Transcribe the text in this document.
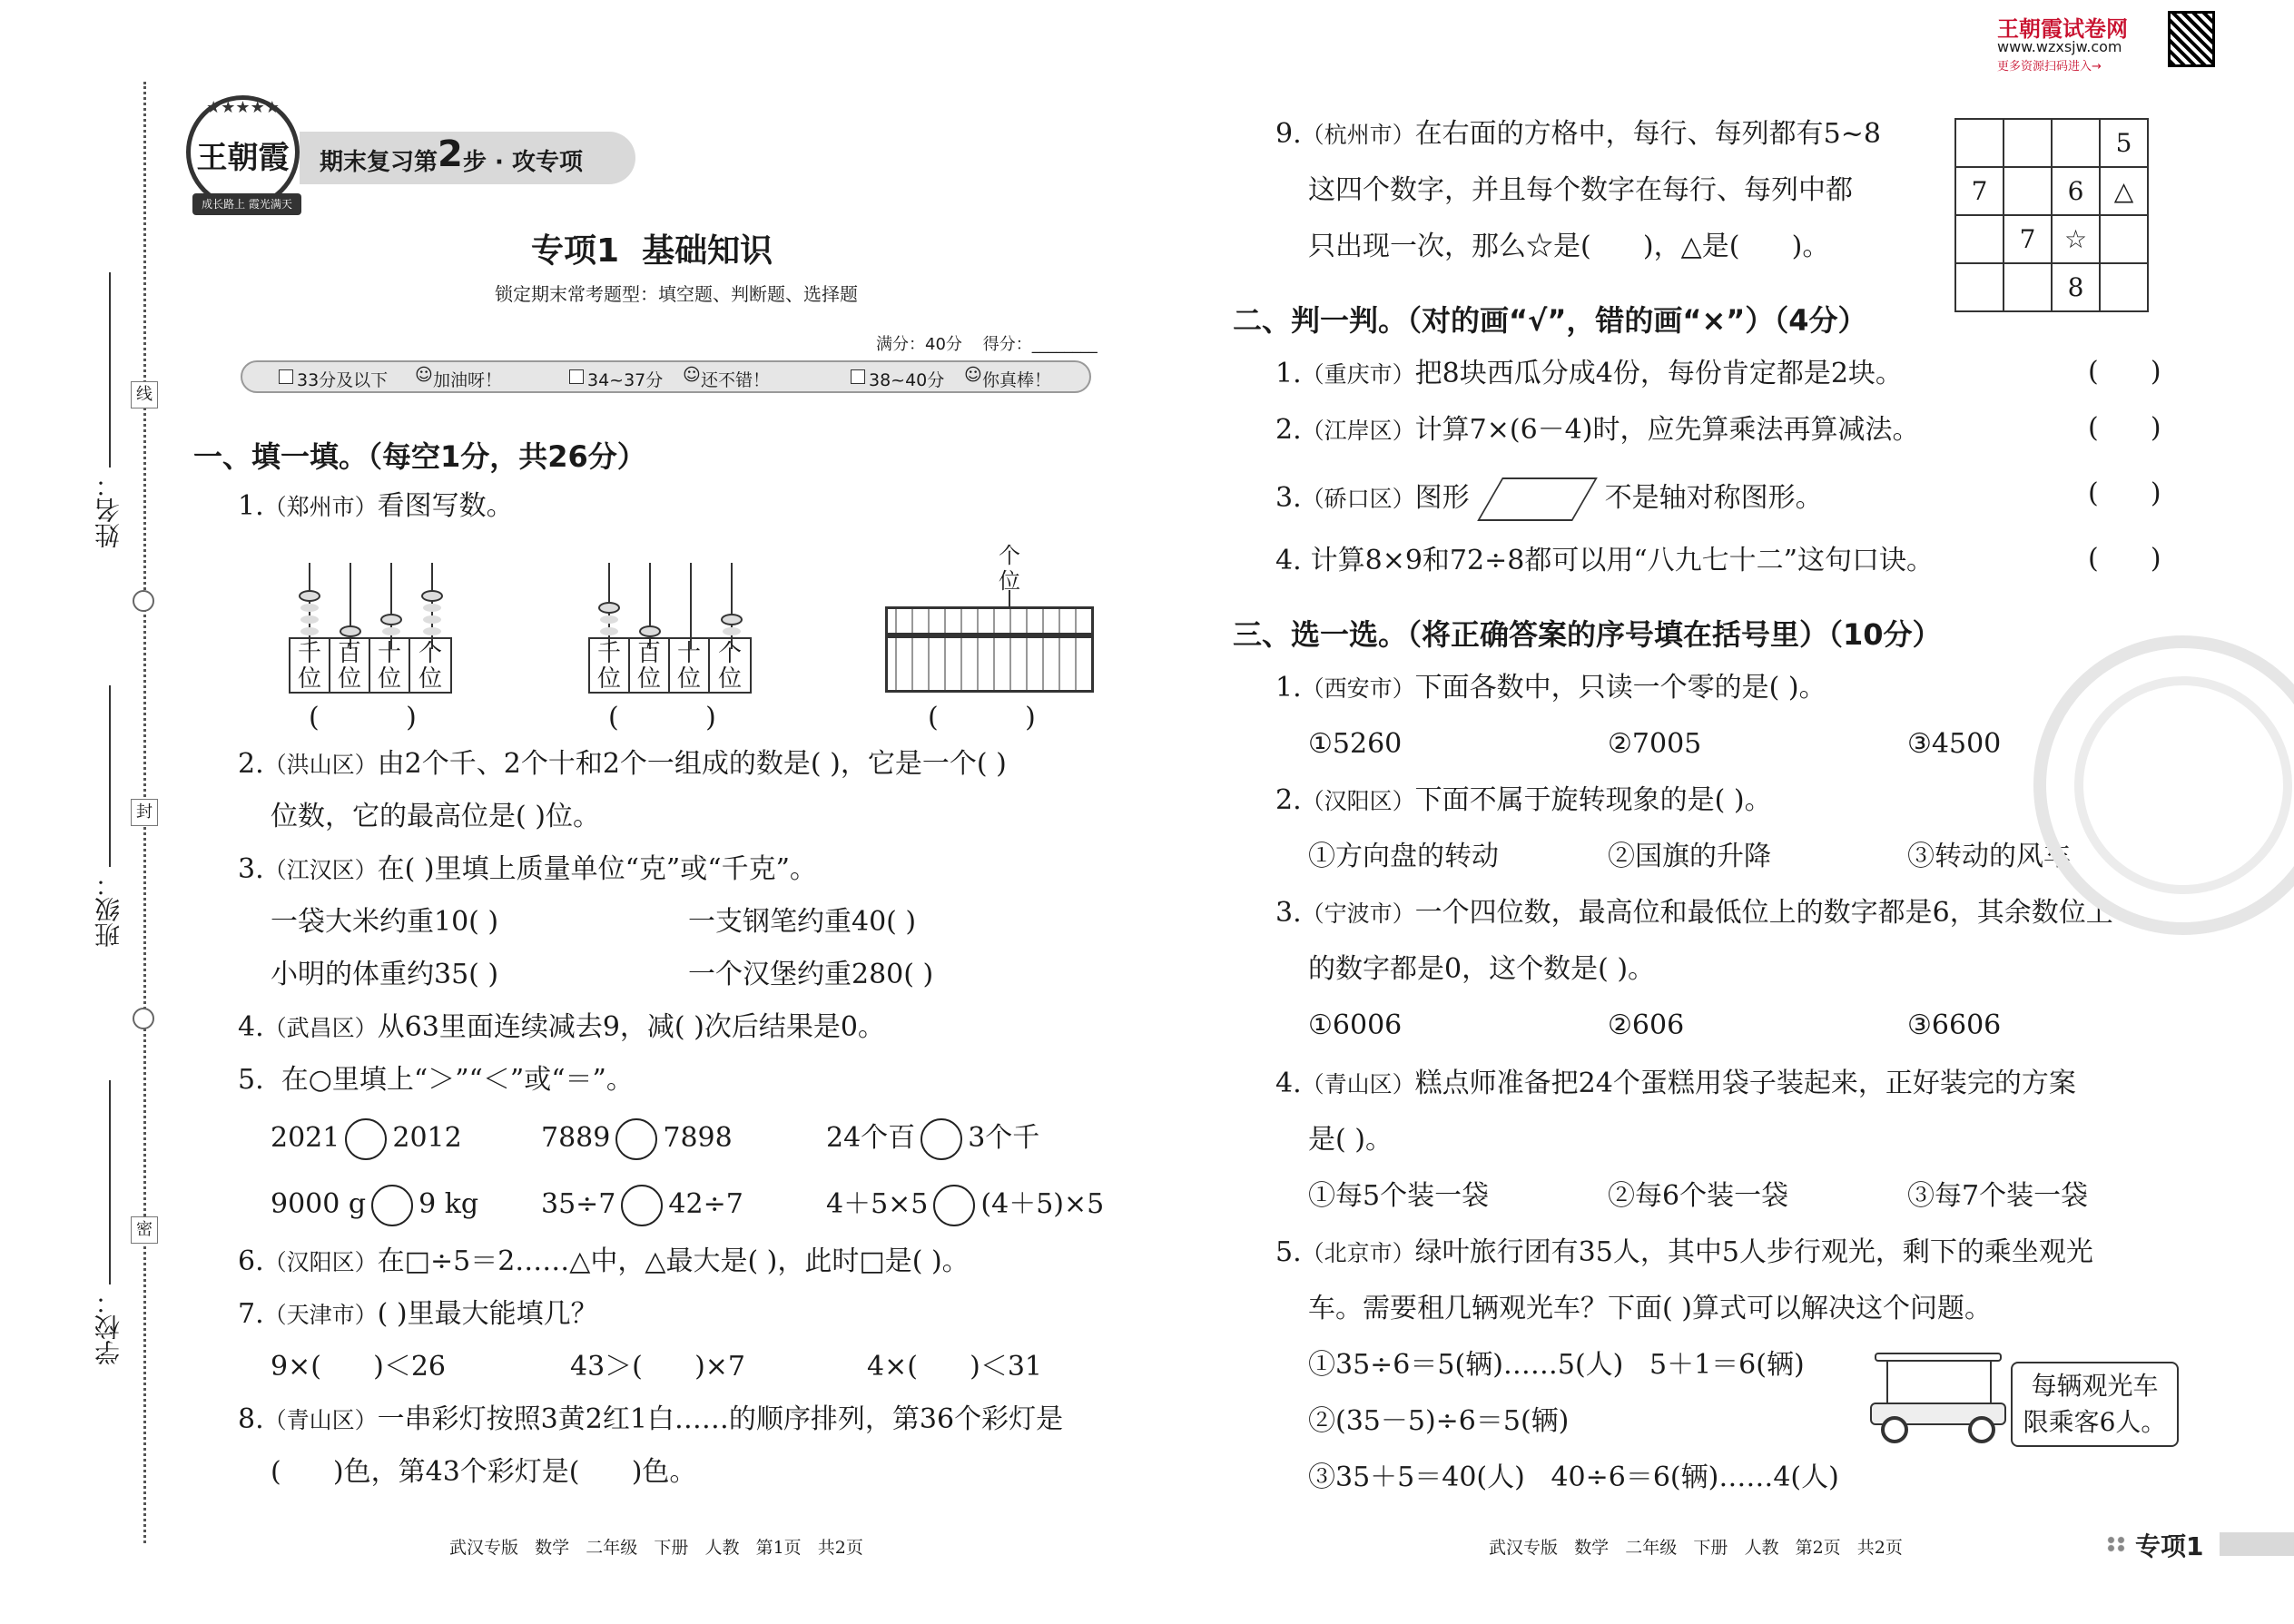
线
封
密
姓名：
班级：
学校：
★★★★★
王朝霞
成长路上 霞光满天
期末复习第 2 步 · 攻专项
专项1  基础知识
锁定期末常考题型：填空题、判断题、选择题
满分：40分    得分：________
33分及以下 ☺ 加油呀！	34~37分 ☺ 还不错！	38~40分 ☺ 你真棒！
一、填一填。（每空1分，共26分）
1.（郑州市）看图写数。
千位
百位
十位
个位
(          )
千位
百位
十位
个位
(          )
个位
(          )
2.（洪山区）由2个千、2个十和2个一组成的数是( )，它是一个( )
位数，它的最高位是( )位。
3.（江汉区）在( )里填上质量单位“克”或“千克”。
一袋大米约重10( )	一支钢笔约重40( )
小明的体重约35( )	一个汉堡约重280( )
4.（武昌区）从63里面连续减去9，减( )次后结果是0。
5.  在○里填上“＞”“＜”或“＝”。
2021 2012	7889 7898	24个百 3个千
9000 g 9 kg 35÷7 42÷7	4＋5×5 (4＋5)×5
6.（汉阳区）在□÷5＝2……△中，△最大是( )，此时□是( )。
7.（天津市）( )里最大能填几？
9×(      )＜26	43＞(      )×7	4×(      )＜31
8.（青山区）一串彩灯按照3黄2红1白……的顺序排列，第36个彩灯是
(      )色，第43个彩灯是(      )色。
武汉专版   数学   二年级   下册   人教   第1页   共2页
王朝霞试卷网
www.wzxsjw.com
更多资源扫码进入→
9.（杭州市）在右面的方格中，每行、每列都有5~8
这四个数字，并且每个数字在每行、每列中都
只出现一次，那么☆是(      )，△是(      )。
			5
7		6	△
	7	☆	
		8	
二、判一判。（对的画“√”，错的画“×”）（4分）
1.（重庆市）把8块西瓜分成4份，每份肯定都是2块。	(      )
2.（江岸区）计算7×(6－4)时，应先算乘法再算减法。	(      )
3.（硚口区）图形	不是轴对称图形。	(      )
4. 计算8×9和72÷8都可以用“八九七十二”这句口诀。	(      )
三、选一选。（将正确答案的序号填在括号里）（10分）
1.（西安市）下面各数中，只读一个零的是( )。
①5260	②7005	③4500
2.（汉阳区）下面不属于旋转现象的是( )。
①方向盘的转动	②国旗的升降	③转动的风车
3.（宁波市）一个四位数，最高位和最低位上的数字都是6，其余数位上
的数字都是0，这个数是( )。
①6006	②606	③6606
4.（青山区）糕点师准备把24个蛋糕用袋子装起来，正好装完的方案
是( )。
①每5个装一袋	②每6个装一袋	③每7个装一袋
5.（北京市）绿叶旅行团有35人，其中5人步行观光，剩下的乘坐观光
车。需要租几辆观光车？下面( )算式可以解决这个问题。
①35÷6＝5(辆)……5(人)   5＋1＝6(辆)
②(35－5)÷6＝5(辆)
③35＋5＝40(人)   40÷6＝6(辆)……4(人)
每辆观光车
限乘客6人。
武汉专版   数学   二年级   下册   人教   第2页   共2页	专项1
